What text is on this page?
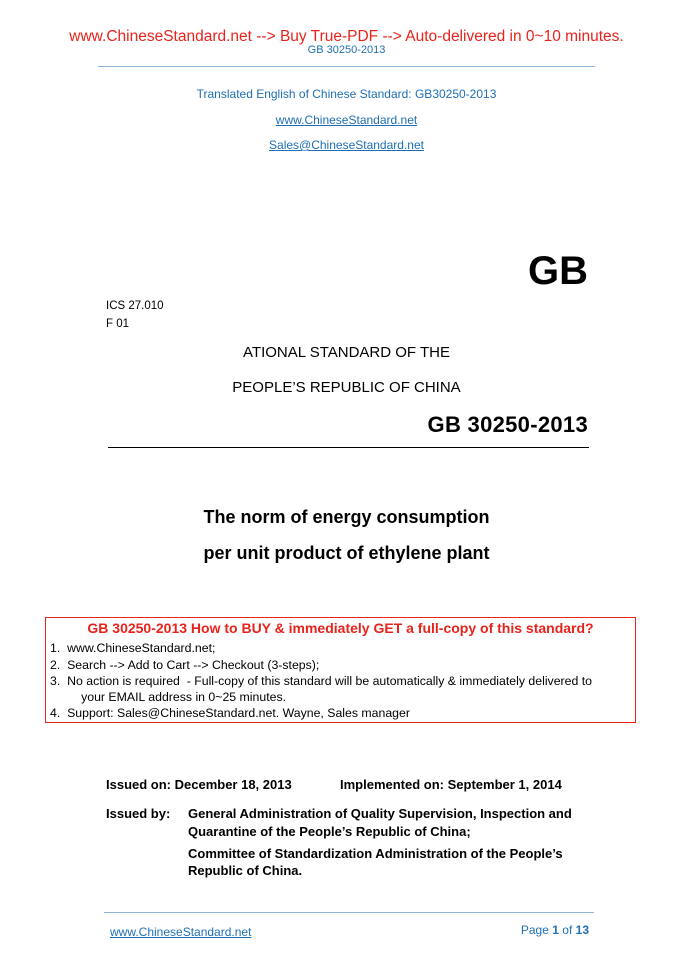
www.ChineseStandard.net --> Buy True-PDF --> Auto-delivered in 0~10 minutes.
GB 30250-2013
Translated English of Chinese Standard: GB30250-2013
www.ChineseStandard.net
Sales@ChineseStandard.net
GB
ICS 27.010
F 01
ATIONAL STANDARD OF THE
PEOPLE’S REPUBLIC OF CHINA
GB 30250-2013
The norm of energy consumption
per unit product of ethylene plant
GB 30250-2013 How to BUY & immediately GET a full-copy of this standard?
1.  www.ChineseStandard.net;
2.  Search --> Add to Cart --> Checkout (3-steps);
3.  No action is required  - Full-copy of this standard will be automatically & immediately delivered to
your EMAIL address in 0~25 minutes.
4.  Support: Sales@ChineseStandard.net. Wayne, Sales manager
Issued on: December 18, 2013	Implemented on: September 1, 2014
Issued by: General Administration of Quality Supervision, Inspection and
Quarantine of the People’s Republic of China;
Committee of Standardization Administration of the People’s
Republic of China.
www.ChineseStandard.net	Page 1 of 13
